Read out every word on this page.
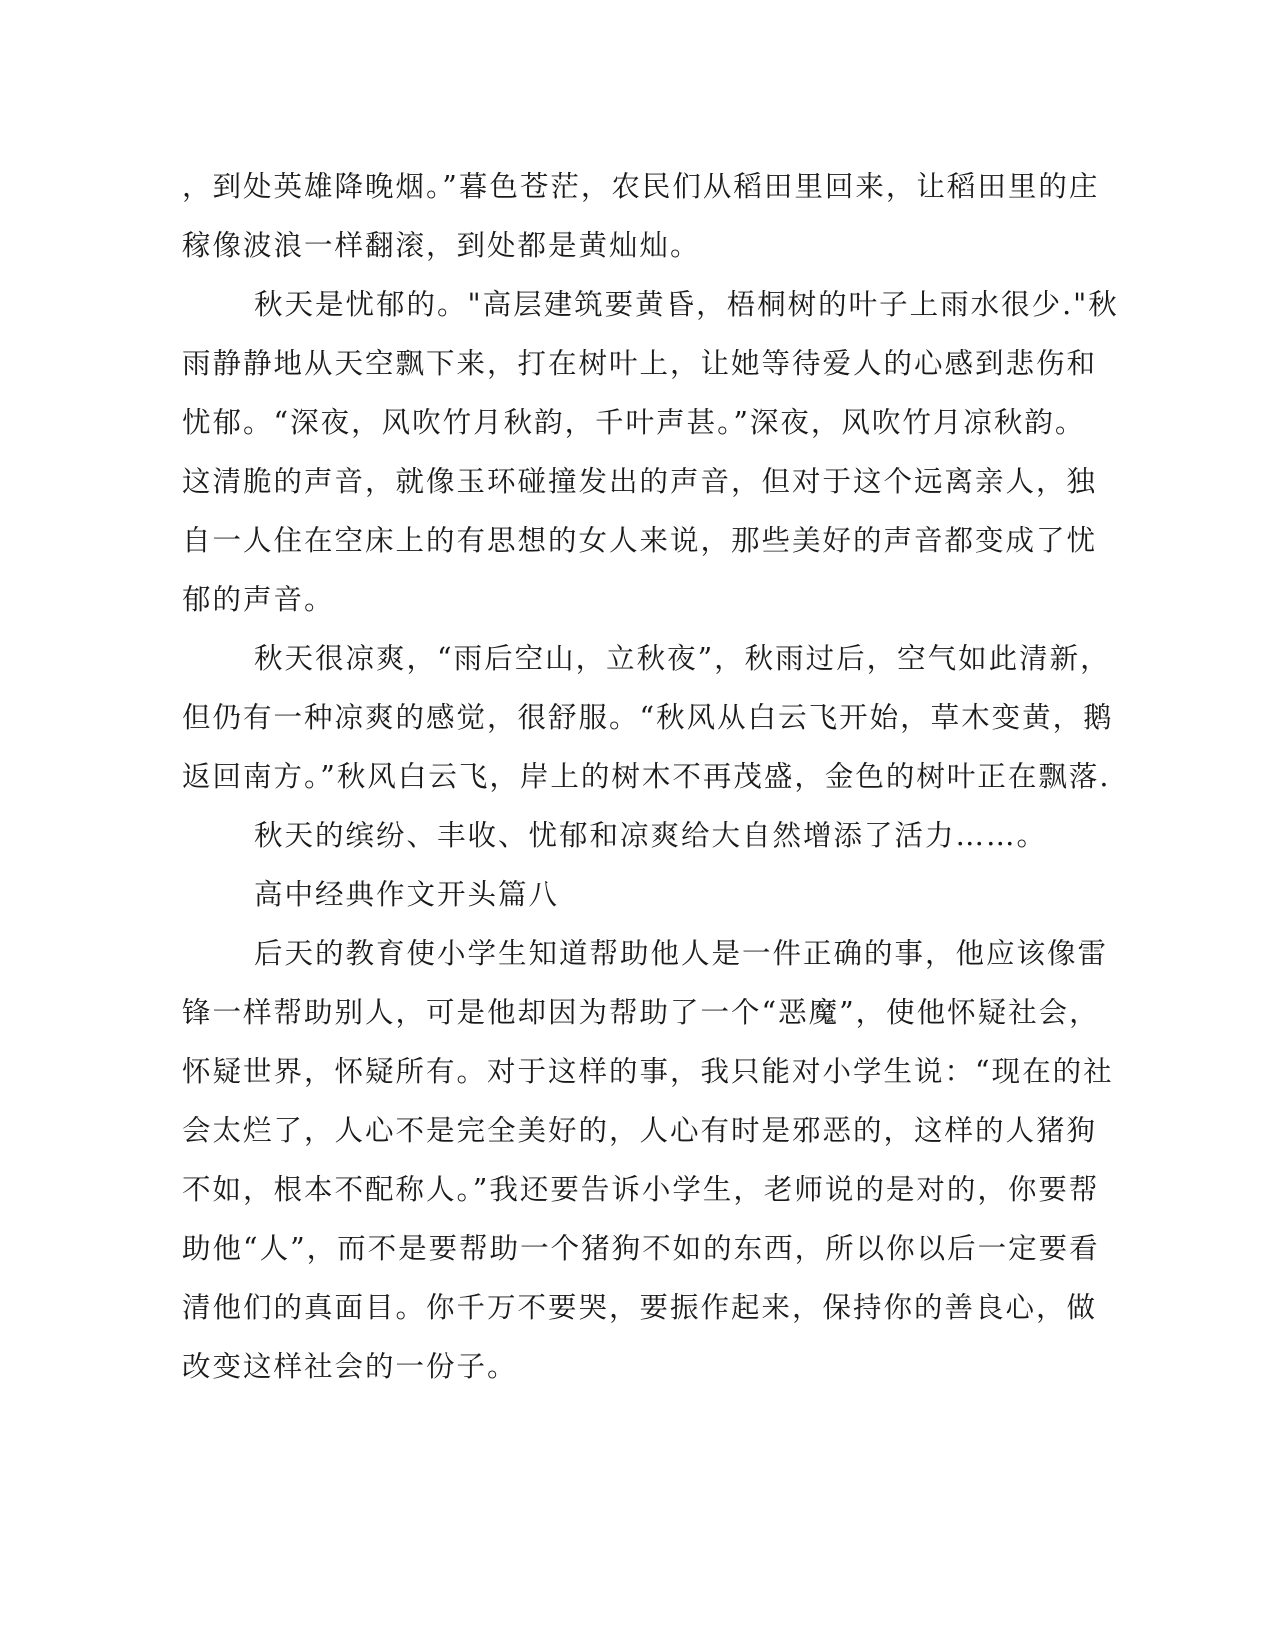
，到处英雄降晚烟。”暮色苍茫，农民们从稻田里回来，让稻田里的庄
稼像波浪一样翻滚，到处都是黄灿灿。
秋天是忧郁的。"高层建筑要黄昏，梧桐树的叶子上雨水很少."秋
雨静静地从天空飘下来，打在树叶上，让她等待爱人的心感到悲伤和
忧郁。“深夜，风吹竹月秋韵，千叶声甚。”深夜，风吹竹月凉秋韵。
这清脆的声音，就像玉环碰撞发出的声音，但对于这个远离亲人，独
自一人住在空床上的有思想的女人来说，那些美好的声音都变成了忧
郁的声音。
秋天很凉爽，“雨后空山，立秋夜”，秋雨过后，空气如此清新，
但仍有一种凉爽的感觉，很舒服。“秋风从白云飞开始，草木变黄，鹅
返回南方。”秋风白云飞，岸上的树木不再茂盛，金色的树叶正在飘落.
秋天的缤纷、丰收、忧郁和凉爽给大自然增添了活力……。
高中经典作文开头篇八
后天的教育使小学生知道帮助他人是一件正确的事，他应该像雷
锋一样帮助别人，可是他却因为帮助了一个“恶魔”，使他怀疑社会，
怀疑世界，怀疑所有。对于这样的事，我只能对小学生说：“现在的社
会太烂了，人心不是完全美好的，人心有时是邪恶的，这样的人猪狗
不如，根本不配称人。”我还要告诉小学生，老师说的是对的，你要帮
助他“人”，而不是要帮助一个猪狗不如的东西，所以你以后一定要看
清他们的真面目。你千万不要哭，要振作起来，保持你的善良心，做
改变这样社会的一份子。
